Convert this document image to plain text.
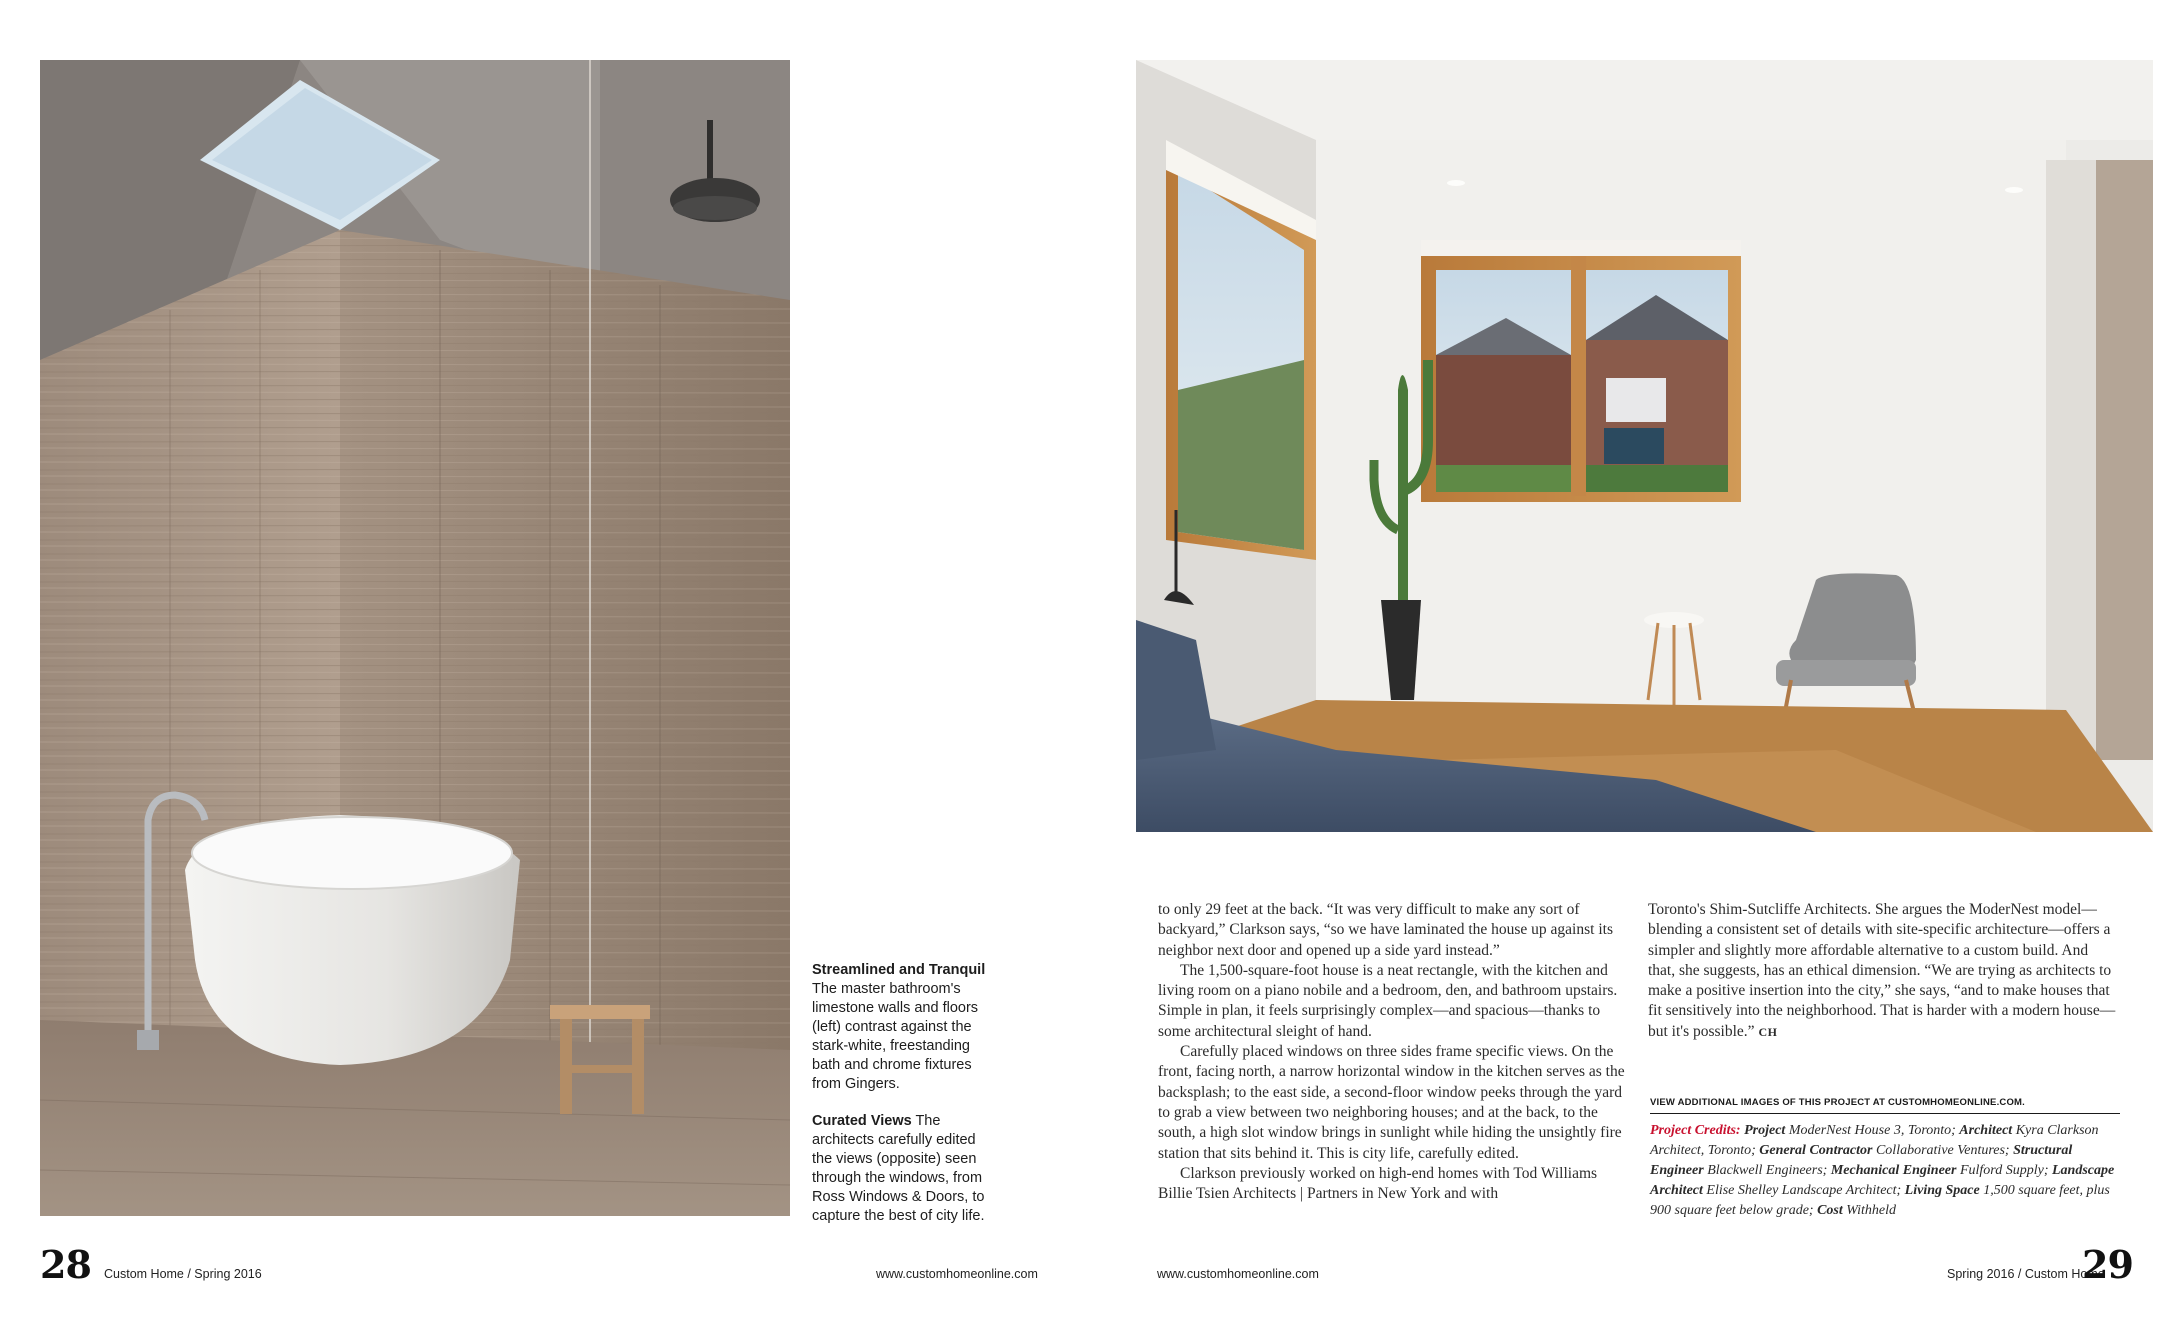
Streamlined and Tranquil
The master bathroom's limestone walls and floors (left) contrast against the stark-white, freestanding bath and chrome fixtures from Gingers.
Curated Views The architects carefully edited the views (opposite) seen through the windows, from Ross Windows & Doors, to capture the best of city life.

to only 29 feet at the back. “It was very difficult to make any sort of backyard,” Clarkson says, “so we have laminated the house up against its neighbor next door and opened up a side yard instead.”

The 1,500-square-foot house is a neat rectangle, with the kitchen and living room on a piano nobile and a bedroom, den, and bathroom upstairs. Simple in plan, it feels surprisingly complex—and spacious—thanks to some architectural sleight of hand.

Carefully placed windows on three sides frame specific views. On the front, facing north, a narrow horizontal window in the kitchen serves as the backsplash; to the east side, a second-floor window peeks through the yard to grab a view between two neighboring houses; and at the back, to the south, a high slot window brings in sunlight while hiding the unsightly fire station that sits behind it. This is city life, carefully edited.

Clarkson previously worked on high-end homes with Tod Williams Billie Tsien Architects | Partners in New York and with

Toronto's Shim-Sutcliffe Architects. She argues the ModerNest model—blending a consistent set of details with site-specific architecture—offers a simpler and slightly more affordable alternative to a custom build. And that, she suggests, has an ethical dimension. “We are trying as architects to make a positive insertion into the city,” she says, “and to make houses that fit sensitively into the neighborhood. That is harder with a modern house—but it's possible.” CH

VIEW ADDITIONAL IMAGES OF THIS PROJECT AT CUSTOMHOMEONLINE.COM.
Project Credits: Project ModerNest House 3, Toronto; Architect Kyra Clarkson Architect, Toronto; General Contractor Collaborative Ventures; Structural Engineer Blackwell Engineers; Mechanical Engineer Fulford Supply; Landscape Architect Elise Shelley Landscape Architect; Living Space 1,500 square feet, plus 900 square feet below grade; Cost Withheld
28 Custom Home / Spring 2016	www.customhomeonline.com	www.customhomeonline.com	Spring 2016 / Custom Home
29
